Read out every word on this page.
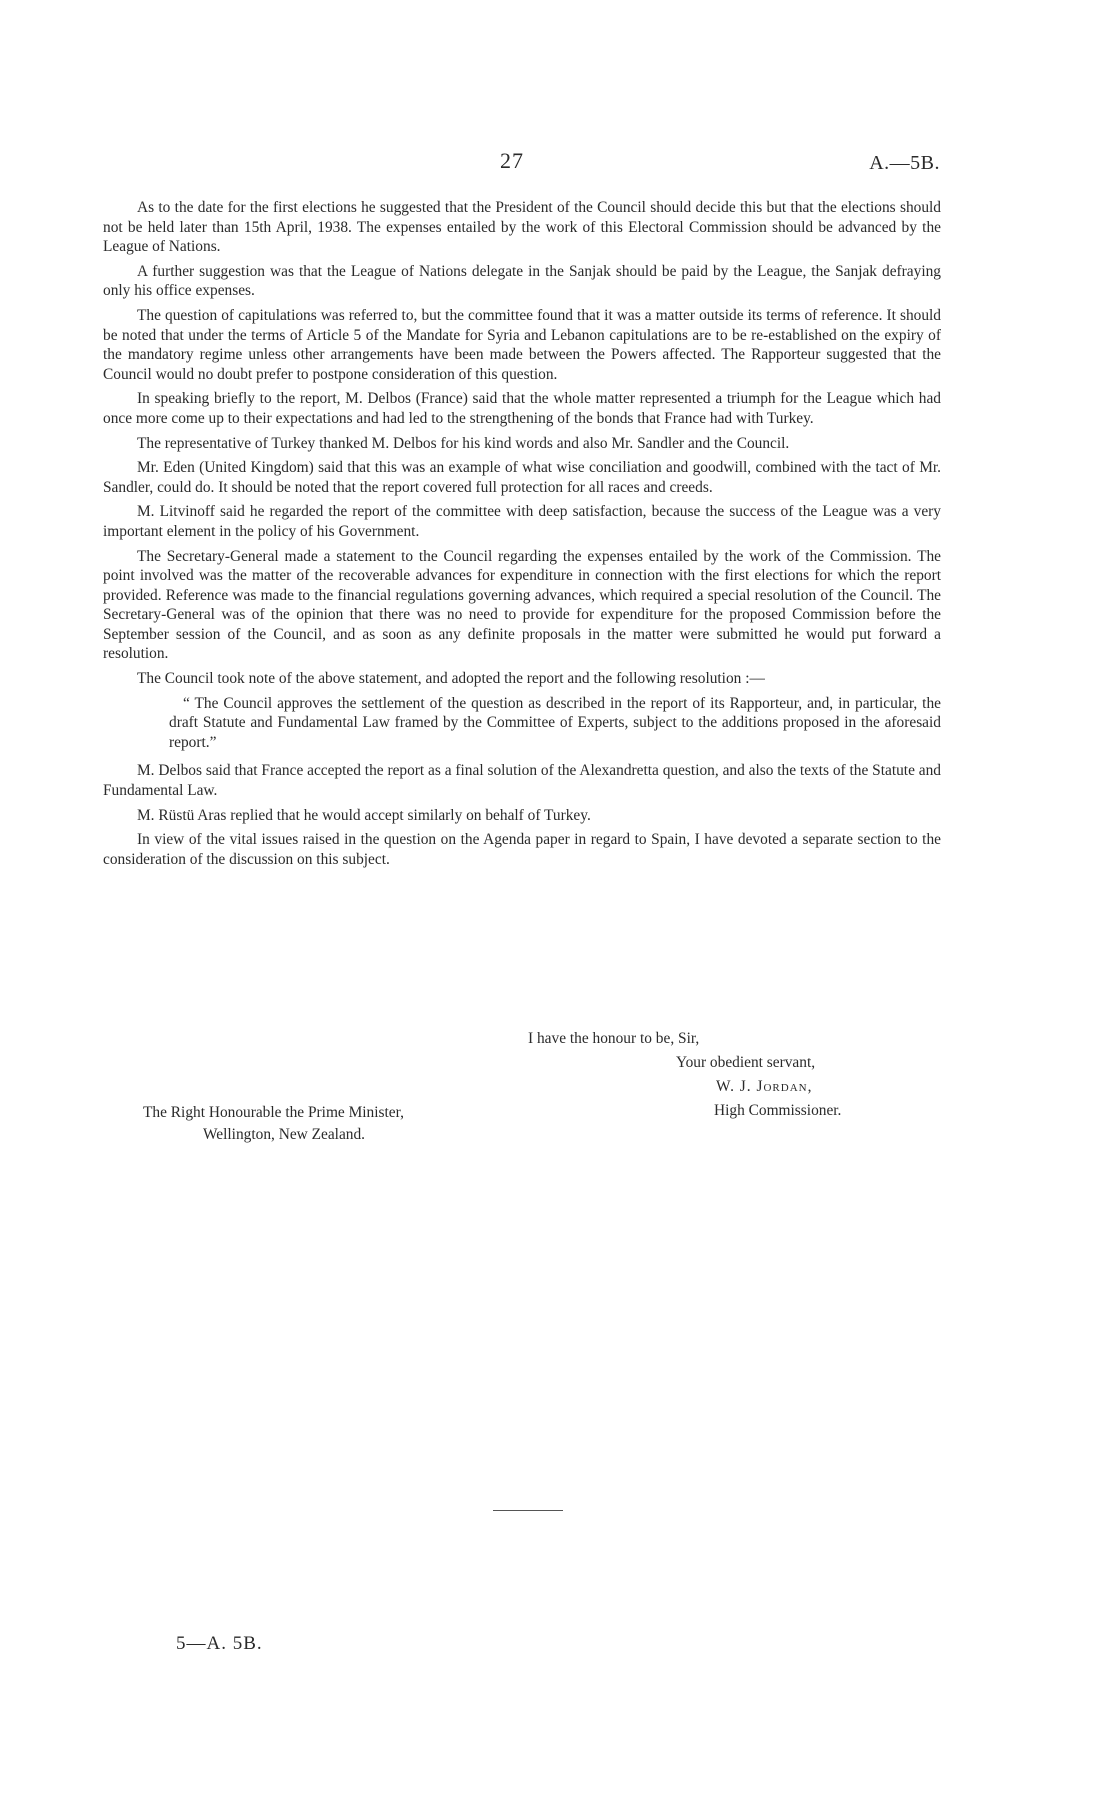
27	A.—5B.

As to the date for the first elections he suggested that the President of the Council should decide this but that the elections should not be held later than 15th April, 1938. The expenses entailed by the work of this Electoral Commission should be advanced by the League of Nations.

A further suggestion was that the League of Nations delegate in the Sanjak should be paid by the League, the Sanjak defraying only his office expenses.

The question of capitulations was referred to, but the committee found that it was a matter outside its terms of reference. It should be noted that under the terms of Article 5 of the Mandate for Syria and Lebanon capitulations are to be re-established on the expiry of the mandatory regime unless other arrangements have been made between the Powers affected. The Rapporteur suggested that the Council would no doubt prefer to postpone consideration of this question.

In speaking briefly to the report, M. Delbos (France) said that the whole matter represented a triumph for the League which had once more come up to their expectations and had led to the strengthening of the bonds that France had with Turkey.

The representative of Turkey thanked M. Delbos for his kind words and also Mr. Sandler and the Council.

Mr. Eden (United Kingdom) said that this was an example of what wise conciliation and goodwill, combined with the tact of Mr. Sandler, could do. It should be noted that the report covered full protection for all races and creeds.

M. Litvinoff said he regarded the report of the committee with deep satisfaction, because the success of the League was a very important element in the policy of his Government.

The Secretary-General made a statement to the Council regarding the expenses entailed by the work of the Commission. The point involved was the matter of the recoverable advances for expenditure in connection with the first elections for which the report provided. Reference was made to the financial regulations governing advances, which required a special resolution of the Council. The Secretary-General was of the opinion that there was no need to provide for expenditure for the proposed Commission before the September session of the Council, and as soon as any definite proposals in the matter were submitted he would put forward a resolution.

The Council took note of the above statement, and adopted the report and the following resolution :—

“ The Council approves the settlement of the question as described in the report of its Rapporteur, and, in particular, the draft Statute and Fundamental Law framed by the Committee of Experts, subject to the additions proposed in the aforesaid report.”

M. Delbos said that France accepted the report as a final solution of the Alexandretta question, and also the texts of the Statute and Fundamental Law.

M. Rüstü Aras replied that he would accept similarly on behalf of Turkey.

In view of the vital issues raised in the question on the Agenda paper in regard to Spain, I have devoted a separate section to the consideration of the discussion on this subject.

I have the honour to be, Sir,
Your obedient servant,
W. J. Jordan,
High Commissioner.
The Right Honourable the Prime Minister,
Wellington, New Zealand.
5—A. 5B.
